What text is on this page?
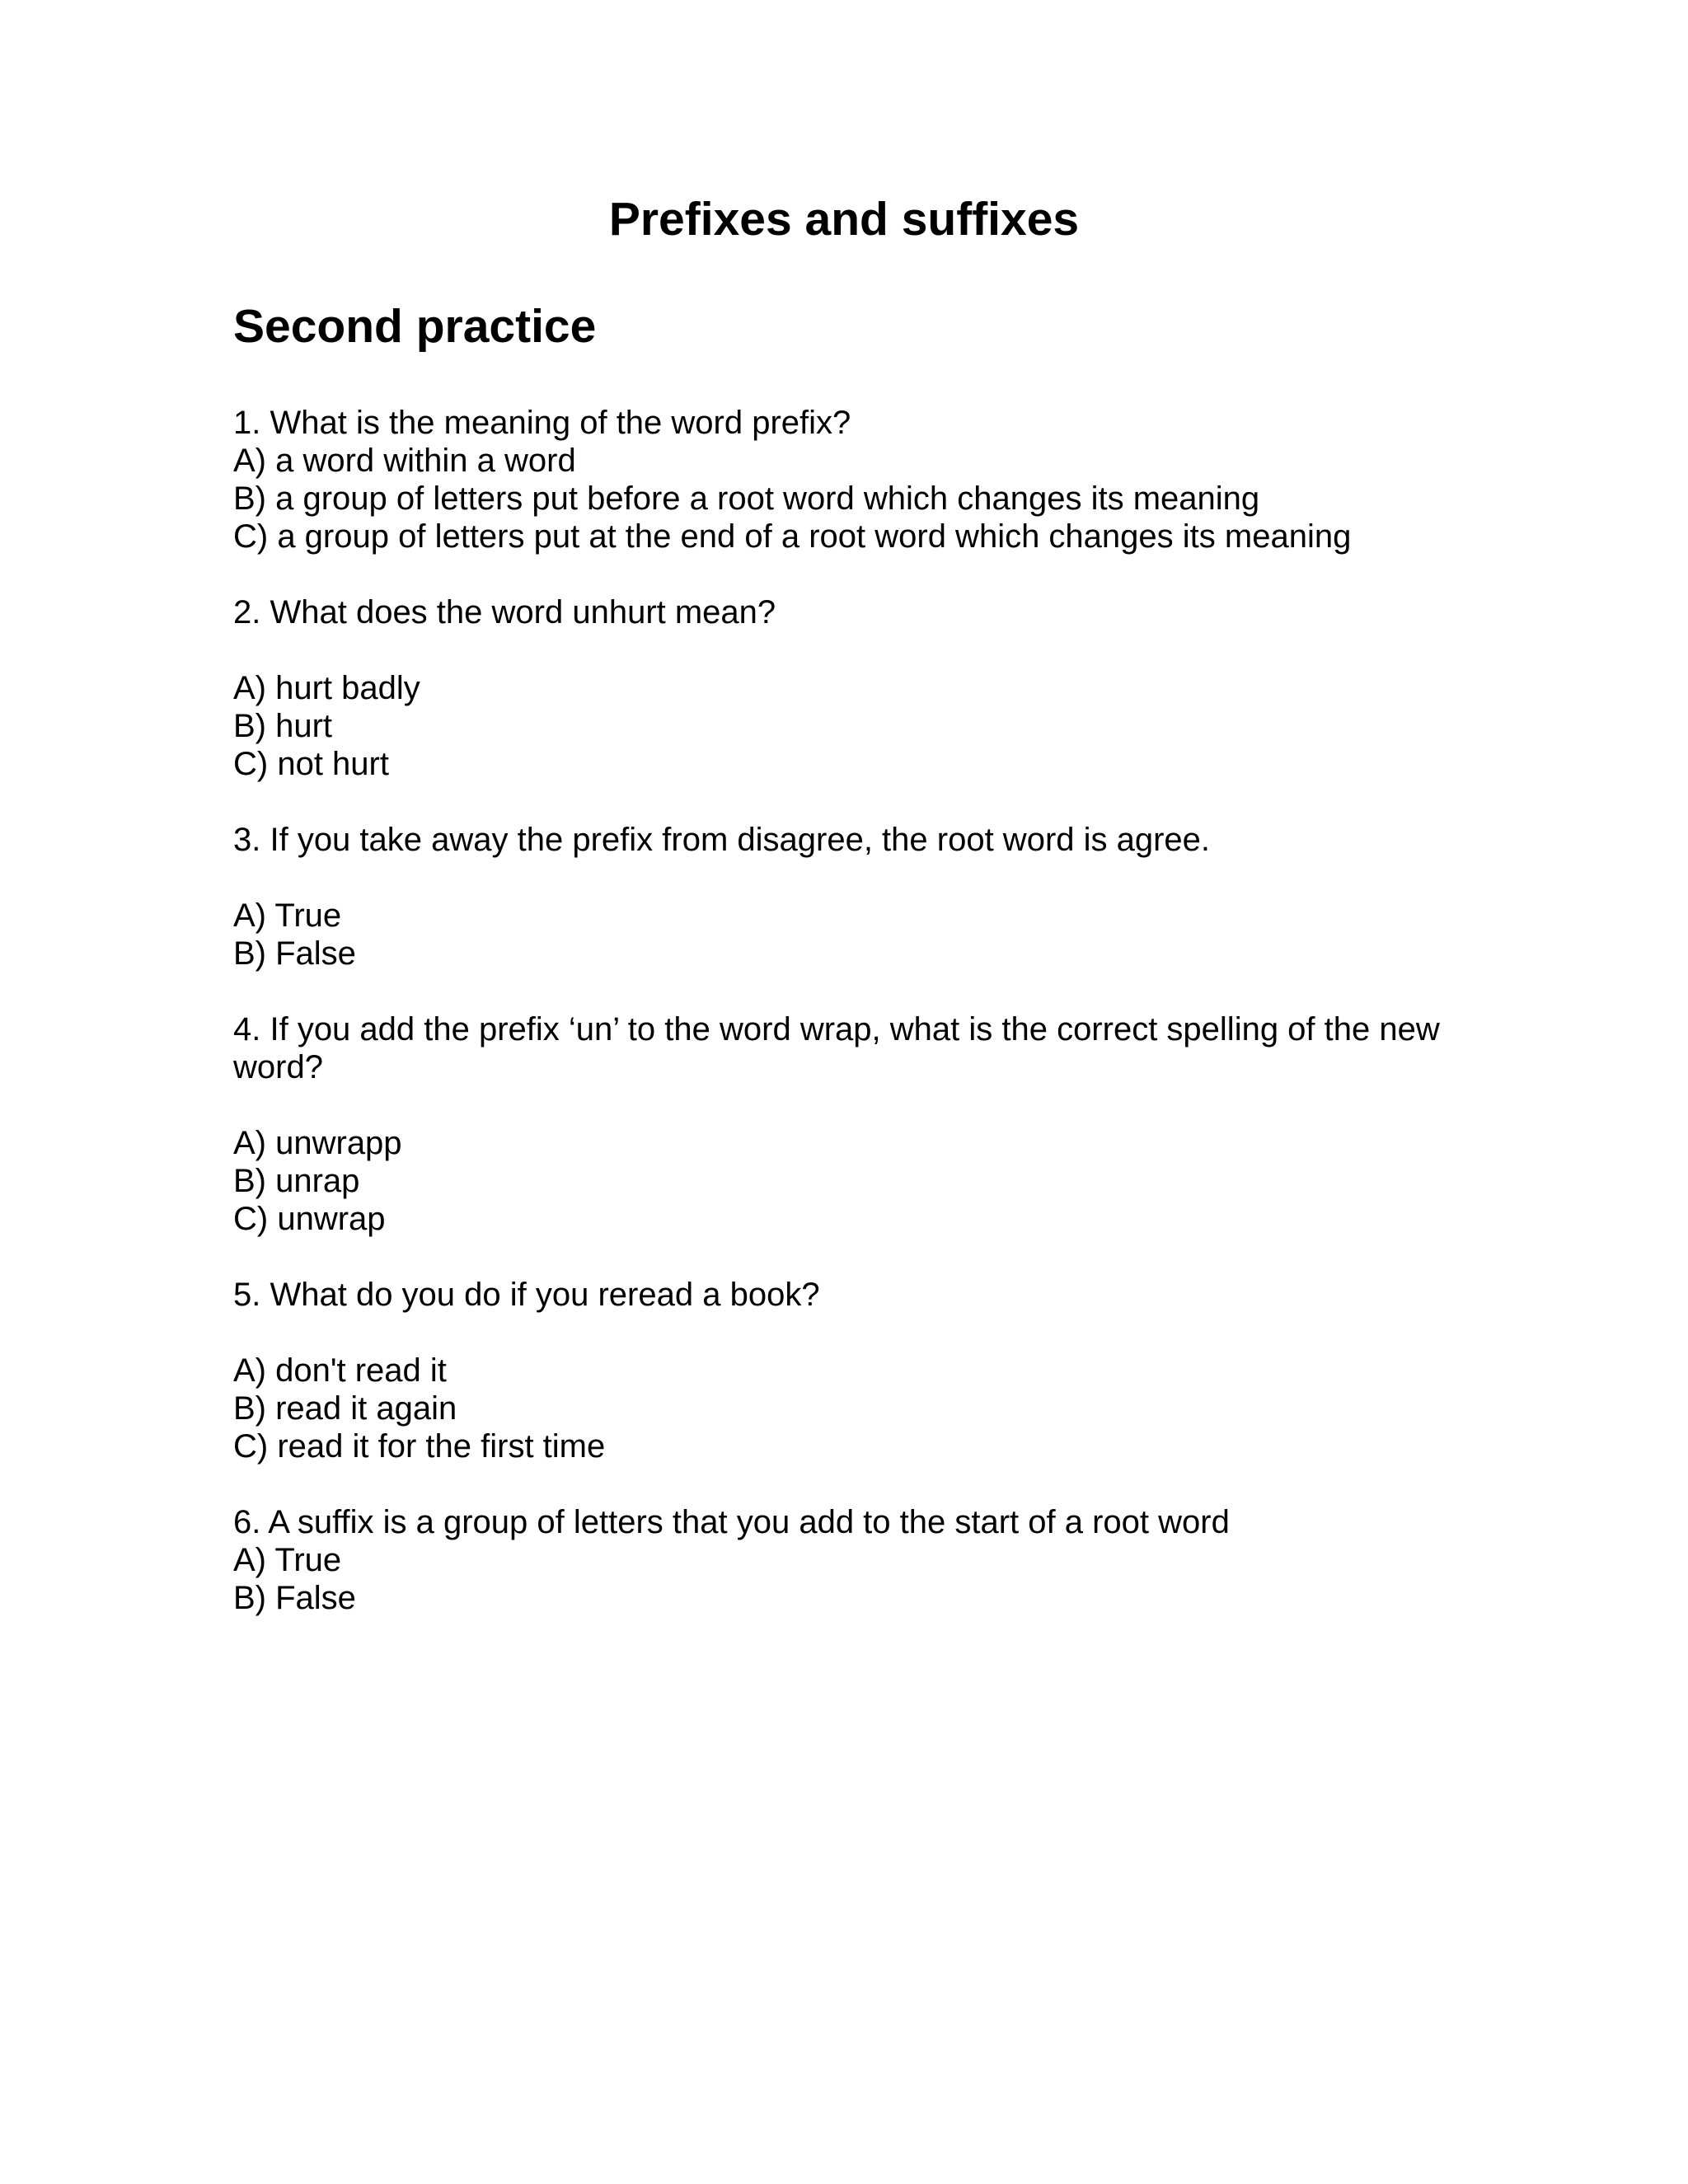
Prefixes and suffixes
Second practice
1. What is the meaning of the word prefix?
A) a word within a word
B) a group of letters put before a root word which changes its meaning
C) a group of letters put at the end of a root word which changes its meaning
2. What does the word unhurt mean?
A) hurt badly
B) hurt
C) not hurt
3. If you take away the prefix from disagree, the root word is agree.
A) True
B) False
4. If you add the prefix ‘un’ to the word wrap, what is the correct spelling of the new
word?
A) unwrapp
B) unrap
C) unwrap
5. What do you do if you reread a book?
A) don't read it
B) read it again
C) read it for the first time
6. A suffix is a group of letters that you add to the start of a root word
A) True
B) False
